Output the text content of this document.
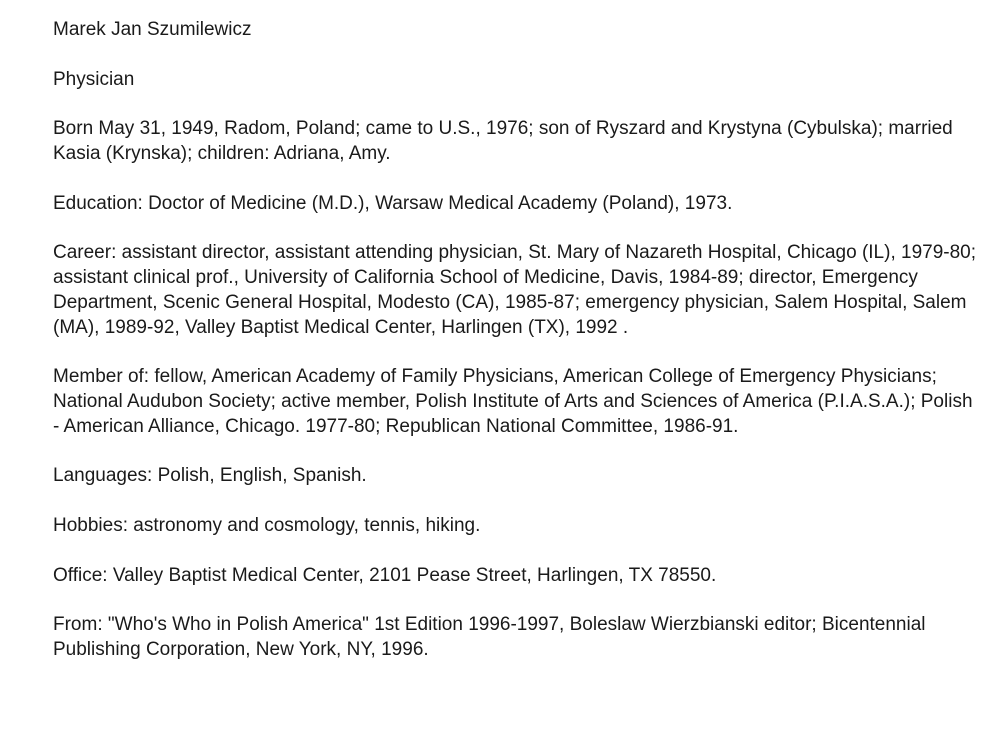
Marek Jan Szumilewicz

Physician

Born May 31, 1949, Radom, Poland; came to U.S., 1976; son of Ryszard and Krystyna (Cybulska); married Kasia (Krynska); children: Adriana, Amy.

Education: Doctor of Medicine (M.D.), Warsaw Medical Academy (Poland), 1973.

Career: assistant director, assistant attending physician, St. Mary of Nazareth Hospital, Chicago (IL), 1979-80; assistant clinical prof., University of California School of Medicine, Davis, 1984-89; director, Emergency Department, Scenic General Hospital, Modesto (CA), 1985-87; emergency physician, Salem Hospital, Salem (MA), 1989-92, Valley Baptist Medical Center, Harlingen (TX), 1992 .

Member of: fellow, American Academy of Family Physicians, American College of Emergency Physicians; National Audubon Society; active member, Polish Institute of Arts and Sciences of America (P.I.A.S.A.); Polish - American Alliance, Chicago. 1977-80; Republican National Committee, 1986-91.

Languages: Polish, English, Spanish.

Hobbies: astronomy and cosmology, tennis, hiking.

Office: Valley Baptist Medical Center, 2101 Pease Street, Harlingen, TX 78550.

From: "Who's Who in Polish America" 1st Edition 1996-1997, Boleslaw Wierzbianski editor; Bicentennial Publishing Corporation, New York, NY, 1996.
